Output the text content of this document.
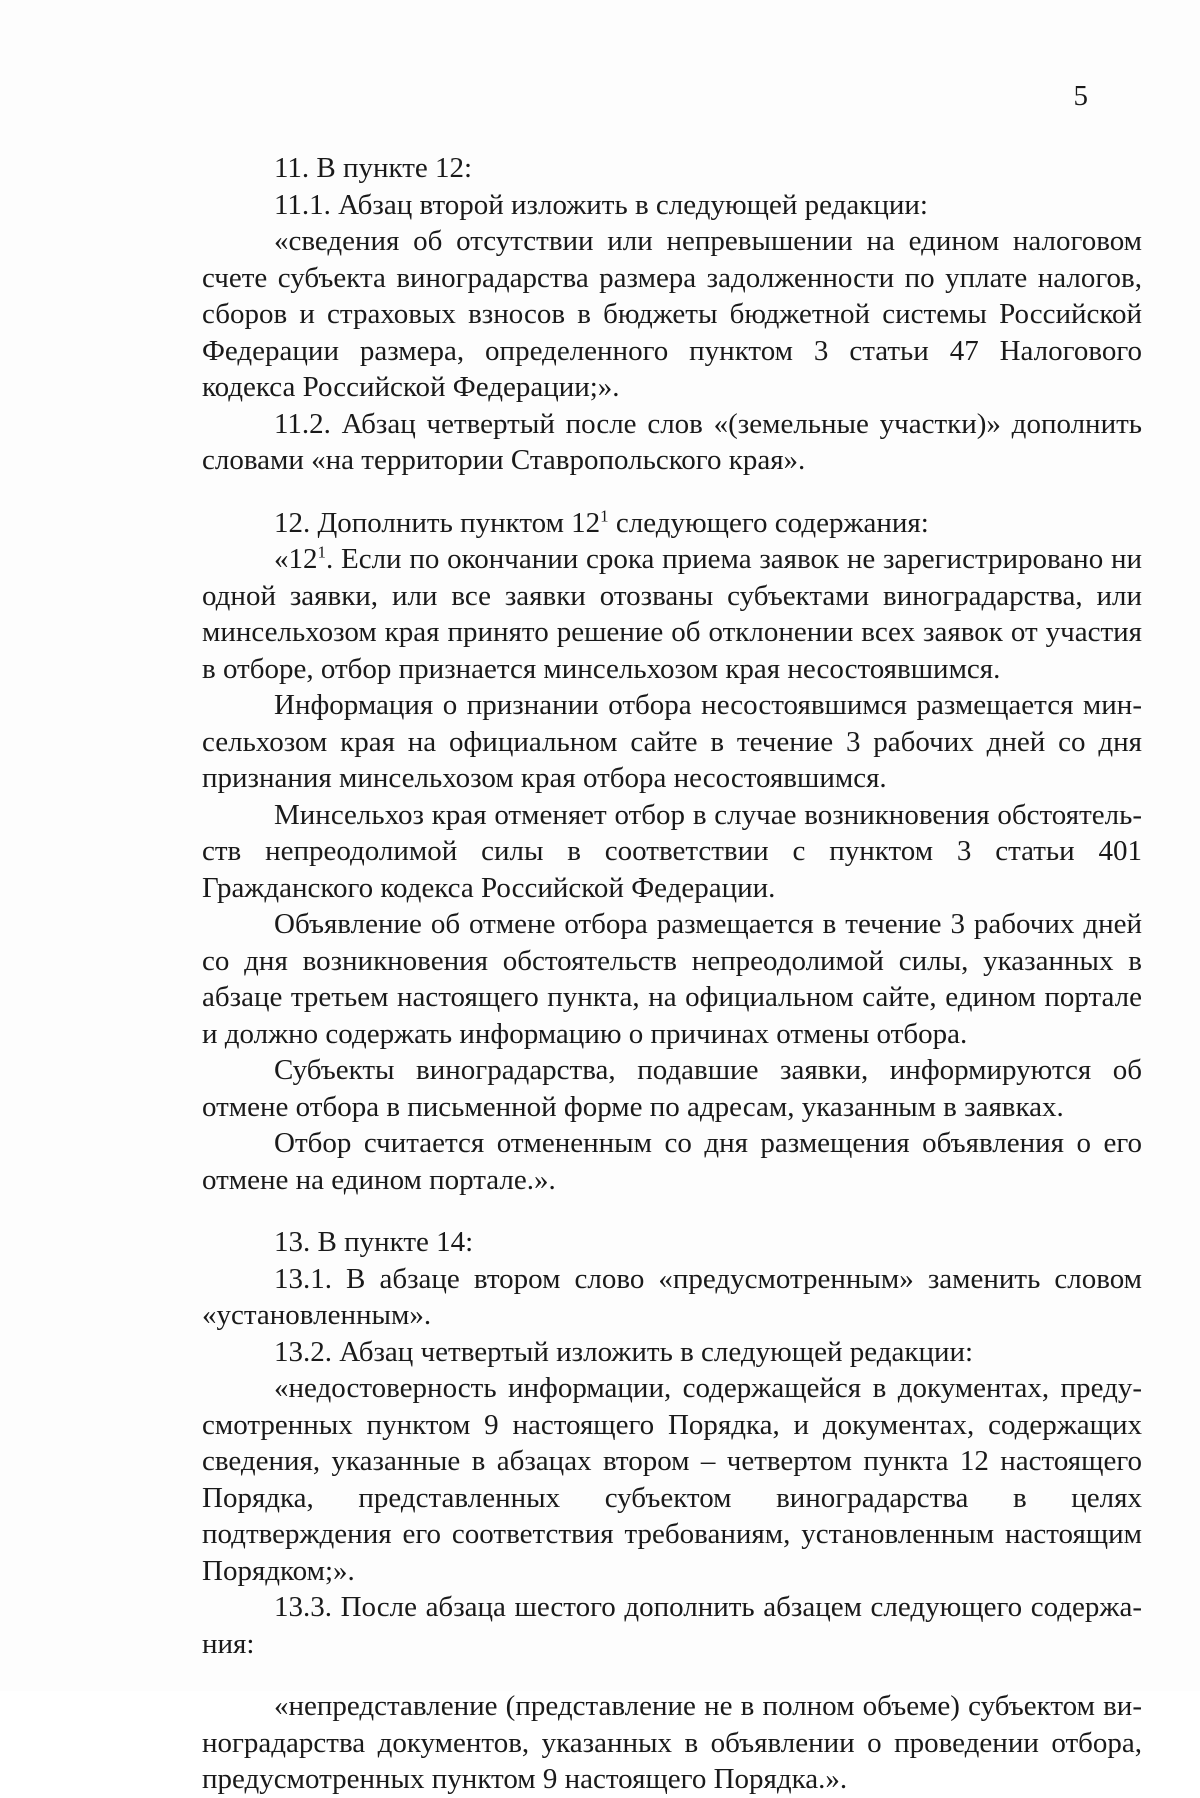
5

11. В пункте 12:

11.1. Абзац второй изложить в следующей редакции:

«сведения об отсутствии или непревышении на едином налоговом счете субъекта виноградарства размера задолженности по уплате налогов, сборов и страховых взносов в бюджеты бюджетной системы Российской Федерации размера, определенного пунктом 3 статьи 47 Налогового кодекса Российской Федерации;».

11.2. Абзац четвертый после слов «(земельные участки)» дополнить словами «на территории Ставропольского края».

12. Дополнить пунктом $12^1$ следующего содержания:

«$12^1$. Если по окончании срока приема заявок не зарегистрировано ни одной заявки, или все заявки отозваны субъектами виноградарства, или минсельхозом края принято решение об отклонении всех заявок от участия в отборе, отбор признается минсельхозом края несостоявшимся.

Информация о признании отбора несостоявшимся размещается минсельхозом края на официальном сайте в течение 3 рабочих дней со дня признания минсельхозом края отбора несостоявшимся.

Минсельхоз края отменяет отбор в случае возникновения обстоятельств непреодолимой силы в соответствии с пунктом 3 статьи 401 Гражданского кодекса Российской Федерации.

Объявление об отмене отбора размещается в течение 3 рабочих дней со дня возникновения обстоятельств непреодолимой силы, указанных в абзаце третьем настоящего пункта, на официальном сайте, едином портале и должно содержать информацию о причинах отмены отбора.

Субъекты виноградарства, подавшие заявки, информируются об отмене отбора в письменной форме по адресам, указанным в заявках.

Отбор считается отмененным со дня размещения объявления о его отмене на едином портале.».

13. В пункте 14:

13.1. В абзаце втором слово «предусмотренным» заменить словом «установленным».

13.2. Абзац четвертый изложить в следующей редакции:

«недостоверность информации, содержащейся в документах, предусмотренных пунктом 9 настоящего Порядка, и документах, содержащих сведения, указанные в абзацах втором – четвертом пункта 12 настоящего Порядка, представленных субъектом виноградарства в целях подтверждения его соответствия требованиям, установленным настоящим Порядком;».

13.3. После абзаца шестого дополнить абзацем следующего содержания:

«непредставление (представление не в полном объеме) субъектом виноградарства документов, указанных в объявлении о проведении отбора, предусмотренных пунктом 9 настоящего Порядка.».
